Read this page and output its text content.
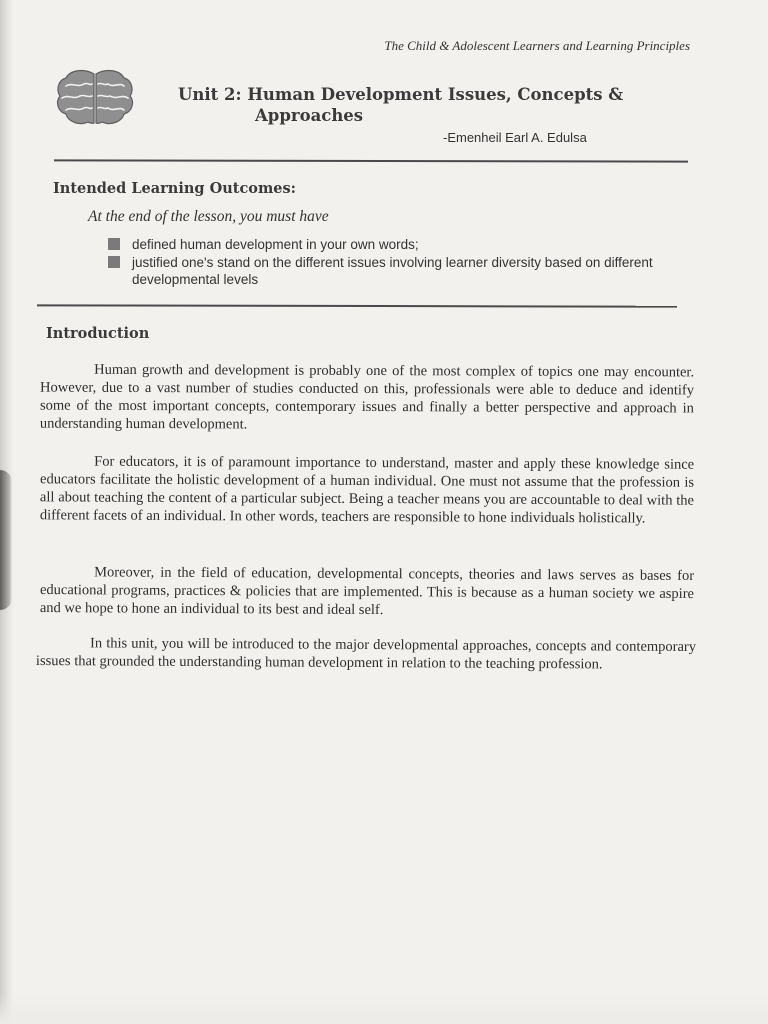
The Child & Adolescent Learners and Learning Principles
Unit 2: Human Development Issues, Concepts &
Approaches
-Emenheil Earl A. Edulsa
Intended Learning Outcomes:
At the end of the lesson, you must have
defined human development in your own words;
justified one's stand on the different issues involving learner diversity based on different developmental levels
Introduction

Human growth and development is probably one of the most complex of topics one may encounter. However, due to a vast number of studies conducted on this, professionals were able to deduce and identify some of the most important concepts, contemporary issues and finally a better perspective and approach in understanding human development.

For educators, it is of paramount importance to understand, master and apply these knowledge since educators facilitate the holistic development of a human individual. One must not assume that the profession is all about teaching the content of a particular subject. Being a teacher means you are accountable to deal with the different facets of an individual. In other words, teachers are responsible to hone individuals holistically.

Moreover, in the field of education, developmental concepts, theories and laws serves as bases for educational programs, practices & policies that are implemented. This is because as a human society we aspire and we hope to hone an individual to its best and ideal self.

In this unit, you will be introduced to the major developmental approaches, concepts and contemporary issues that grounded the understanding human development in relation to the teaching profession.
